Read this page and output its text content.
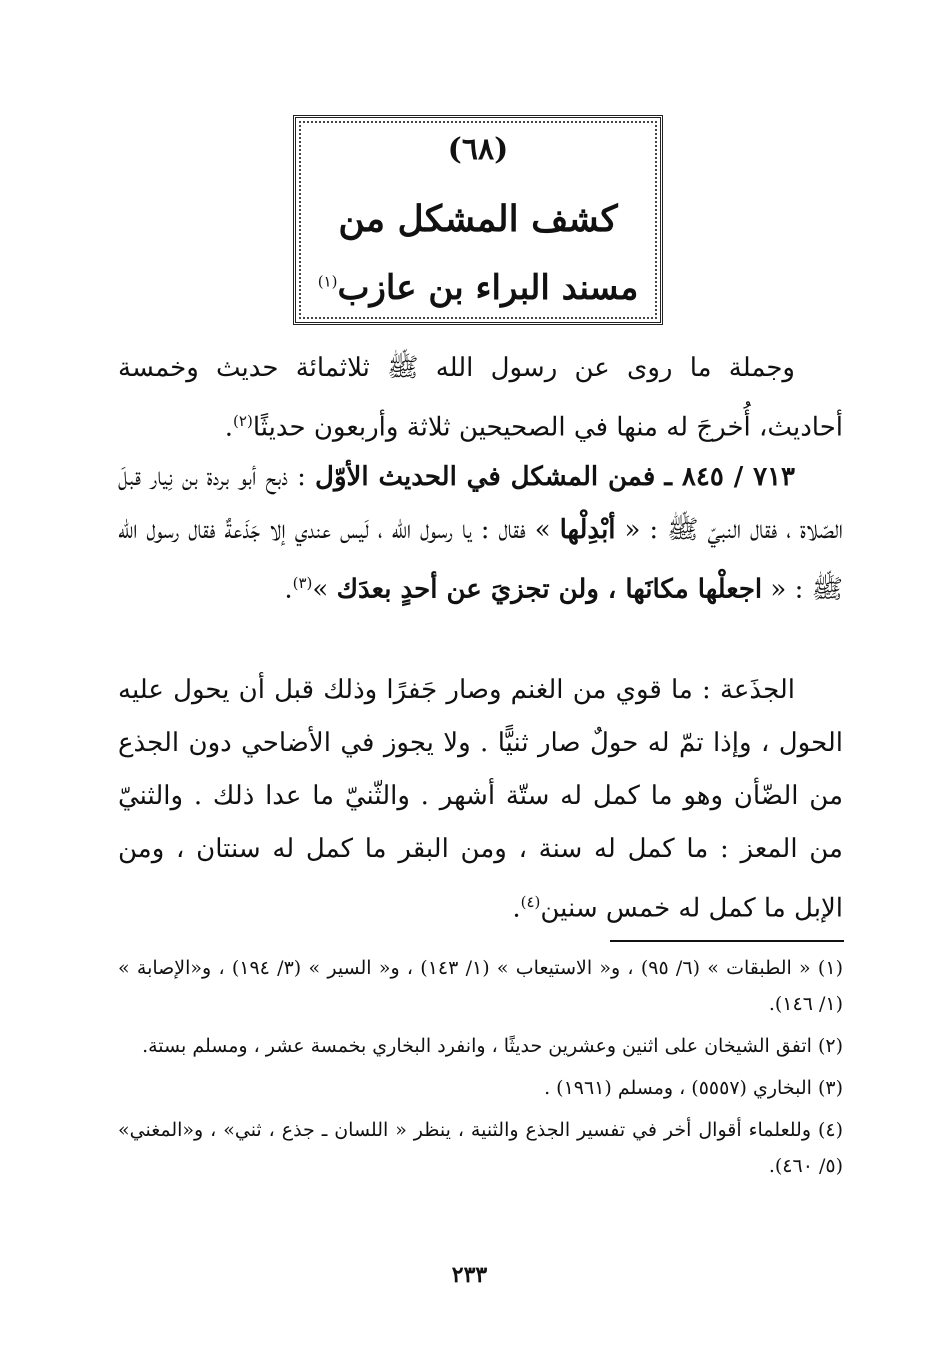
(٦٨)
كشف المشكل من
مسند البراء بن عازب$^{(١)}$
وجملة ما روى عن رسول الله ﷺ ثلاثمائة حديث وخمسة أحاديث، أُخرجَ له منها في الصحيحين ثلاثة وأربعون حديثًا$^{(٢)}$.
٧١٣ / ٨٤٥ ـ فمن المشكل في الحديث الأوّل : ذبح أبو بردة بن نِيار قبلَ الصّلاة ، فقال النبيّ ﷺ : « أبْدِلْها » فقال : يا رسول الله ، لَيس عندي إلا جَذَعةٌ فقال رسول الله ﷺ : « اجعلْها مكانَها ، ولن تجزيَ عن أحدٍ بعدَك »$^{(٣)}$.
الجذَعة : ما قوي من الغنم وصار جَفرًا وذلك قبل أن يحول عليه الحول ، وإذا تمّ له حولٌ صار ثنيًّا . ولا يجوز في الأضاحي دون الجذع من الضّأن وهو ما كمل له ستّة أشهر . والثّنيّ ما عدا ذلك . والثنيّ من المعز : ما كمل له سنة ، ومن البقر ما كمل له سنتان ، ومن الإبل ما كمل له خمس سنين$^{(٤)}$.

(١) « الطبقات » (٦/ ٩٥) ، و« الاستيعاب » (١/ ١٤٣) ، و« السير » (٣/ ١٩٤) ، و«الإصابة » (١/ ١٤٦).

(٢) اتفق الشيخان على اثنين وعشرين حديثًا ، وانفرد البخاري بخمسة عشر ، ومسلم بستة.

(٣) البخاري (٥٥٥٧) ، ومسلم (١٩٦١) .

(٤) وللعلماء أقوال أخر في تفسير الجذع والثنية ، ينظر « اللسان ـ جذع ، ثني» ، و«المغني» (٥/ ٤٦٠).

٢٣٣
